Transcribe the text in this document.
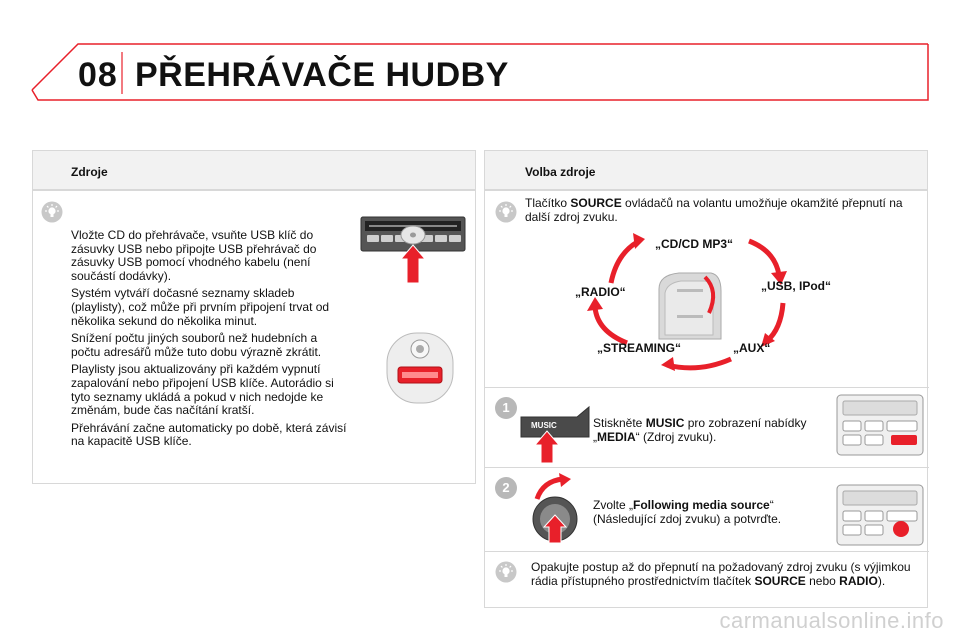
08 PŘEHRÁVAČE HUDBY
Zdroje

Vložte CD do přehrávače, vsuňte USB klíč do zásuvky USB nebo připojte USB přehrávač do zásuvky USB pomocí vhodného kabelu (není součástí dodávky).

Systém vytváří dočasné seznamy skladeb (playlisty), což může při prvním připojení trvat od několika sekund do několika minut.

Snížení počtu jiných souborů než hudebních a počtu adresářů může tuto dobu výrazně zkrátit.

Playlisty jsou aktualizovány při každém vypnutí zapalování nebo připojení USB klíče. Autorádio si tyto seznamy ukládá a pokud v nich nedojde ke změnám, bude čas načítání kratší.

Přehrávání začne automaticky po době, která závisí na kapacitě USB klíče.

Volba zdroje
Tlačítko SOURCE ovládačů na volantu umožňuje okamžité přepnutí na další zdroj zvuku.
„CD/CD MP3“
„USB, IPod“
„AUX“
„STREAMING“
„RADIO“
1
MUSIC	Stiskněte MUSIC pro zobrazení nabídky „MEDIA“ (Zdroj zvuku).
2
Zvolte „Following media source“ (Následující zdoj zvuku) a potvrďte.
Opakujte postup až do přepnutí na požadovaný zdroj zvuku (s výjimkou rádia přístupného prostřednictvím tlačítek SOURCE nebo RADIO).
carmanualsonline.info
